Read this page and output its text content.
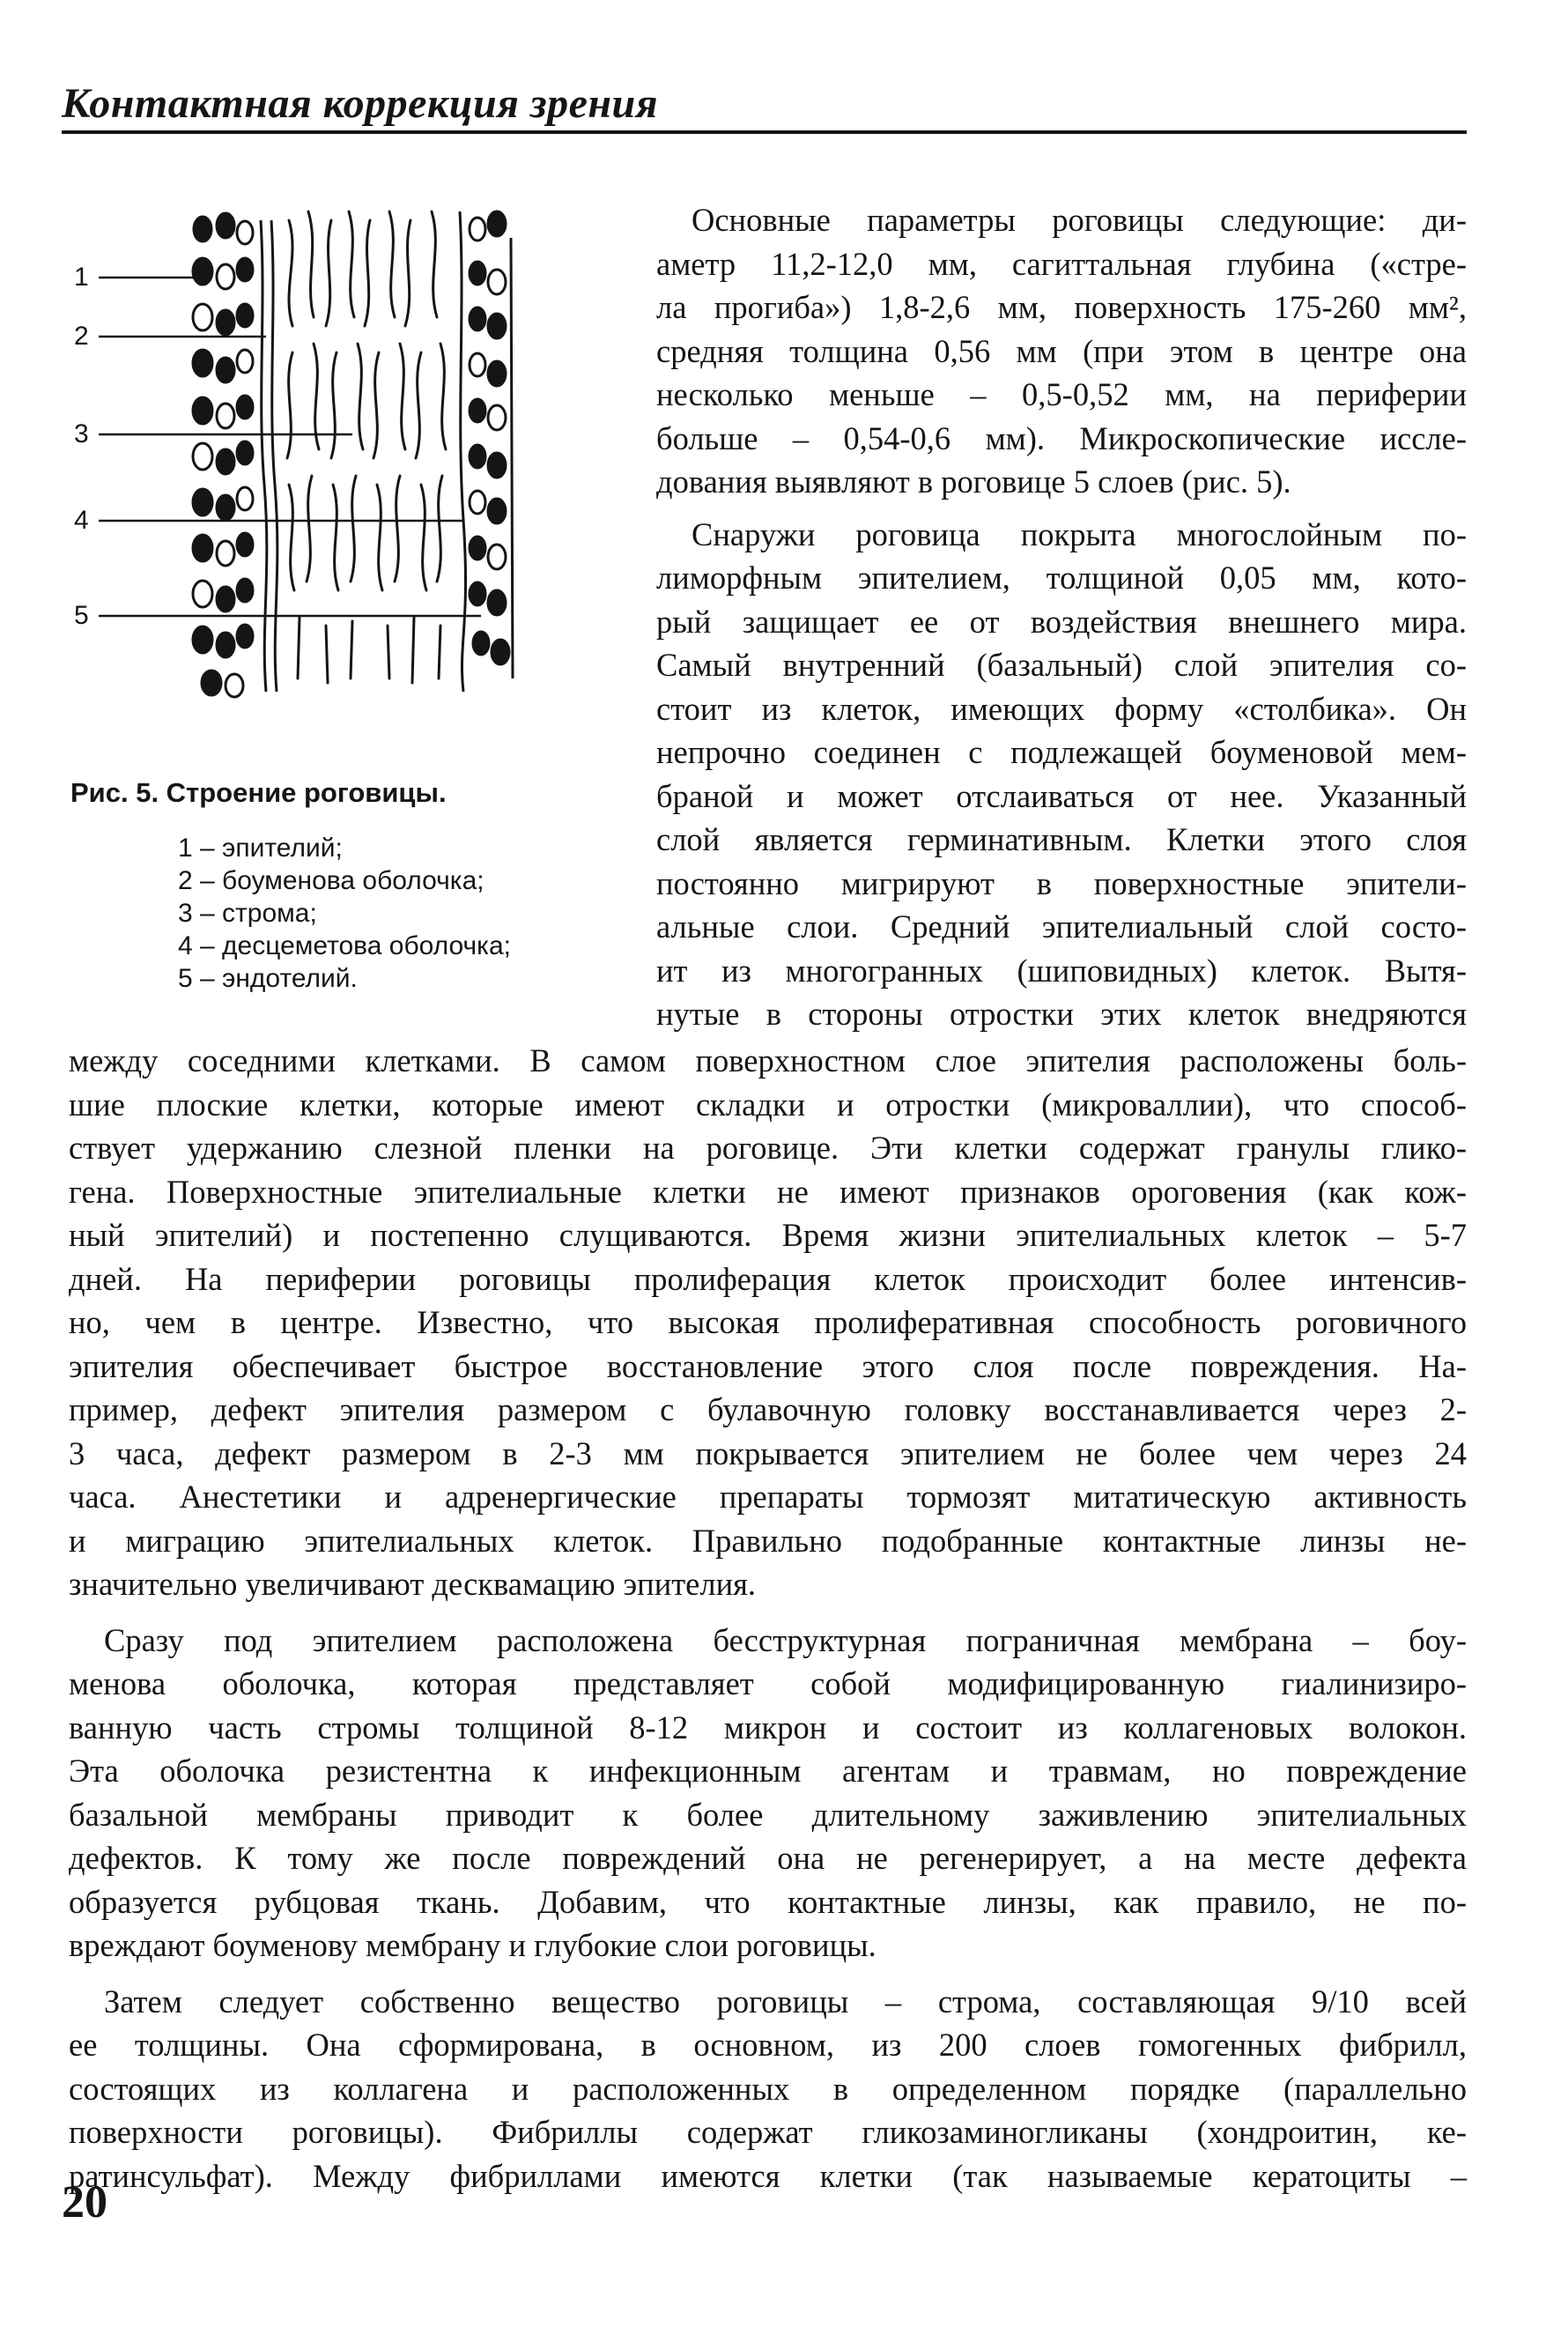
Контактная коррекция зрения
1
2
3
4
5
Рис. 5. Строение роговицы.
1 – эпителий;
2 – боуменова оболочка;
3 – строма;
4 – десцеметова оболочка;
5 – эндотелий.

Основные параметры роговицы следующие: ди-

аметр 11,2-12,0 мм, сагиттальная глубина («стре-

ла прогиба») 1,8-2,6 мм, поверхность 175-260 мм²,

средняя толщина 0,56 мм (при этом в центре она

несколько меньше – 0,5-0,52 мм, на периферии

больше – 0,54-0,6 мм). Микроскопические иссле-

дования выявляют в роговице 5 слоев (рис. 5).

Снаружи роговица покрыта многослойным по-

лиморфным эпителием, толщиной 0,05 мм, кото-

рый защищает ее от воздействия внешнего мира.

Самый внутренний (базальный) слой эпителия со-

стоит из клеток, имеющих форму «столбика». Он

непрочно соединен с подлежащей боуменовой мем-

браной и может отслаиваться от нее. Указанный

слой является герминативным. Клетки этого слоя

постоянно мигрируют в поверхностные эпители-

альные слои. Средний эпителиальный слой состо-

ит из многогранных (шиповидных) клеток. Вытя-

нутые в стороны отростки этих клеток внедряются

между соседними клетками. В самом поверхностном слое эпителия расположены боль-

шие плоские клетки, которые имеют складки и отростки (микроваллии), что способ-

ствует удержанию слезной пленки на роговице. Эти клетки содержат гранулы глико-

гена. Поверхностные эпителиальные клетки не имеют признаков ороговения (как кож-

ный эпителий) и постепенно слущиваются. Время жизни эпителиальных клеток – 5-7

дней. На периферии роговицы пролиферация клеток происходит более интенсив-

но, чем в центре. Известно, что высокая пролиферативная способность роговичного

эпителия обеспечивает быстрое восстановление этого слоя после повреждения. На-

пример, дефект эпителия размером с булавочную головку восстанавливается через 2-

3 часа, дефект размером в 2-3 мм покрывается эпителием не более чем через 24

часа. Анестетики и адренергические препараты тормозят митатическую активность

и миграцию эпителиальных клеток. Правильно подобранные контактные линзы не-

значительно увеличивают десквамацию эпителия.

Сразу под эпителием расположена бесструктурная пограничная мембрана – боу-

менова оболочка, которая представляет собой модифицированную гиалинизиро-

ванную часть стромы толщиной 8-12 микрон и состоит из коллагеновых волокон.

Эта оболочка резистентна к инфекционным агентам и травмам, но повреждение

базальной мембраны приводит к более длительному заживлению эпителиальных

дефектов. К тому же после повреждений она не регенерирует, а на месте дефекта

образуется рубцовая ткань. Добавим, что контактные линзы, как правило, не по-

вреждают боуменову мембрану и глубокие слои роговицы.

Затем следует собственно вещество роговицы – строма, составляющая 9/10 всей

ее толщины. Она сформирована, в основном, из 200 слоев гомогенных фибрилл,

состоящих из коллагена и расположенных в определенном порядке (параллельно

поверхности роговицы). Фибриллы содержат гликозаминогликаны (хондроитин, ке-

ратинсульфат). Между фибриллами имеются клетки (так называемые кератоциты –

20
